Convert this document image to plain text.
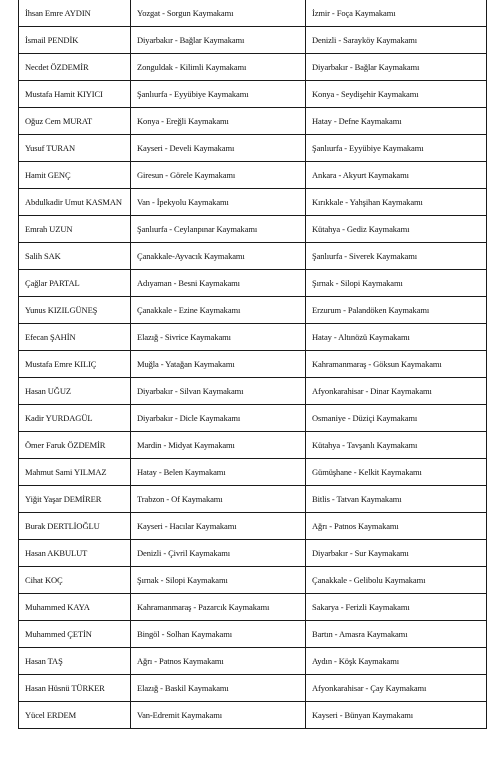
İhsan Emre AYDIN	Yozgat - Sorgun Kaymakamı	İzmir - Foça Kaymakamı
İsmail PENDİK	Diyarbakır - Bağlar Kaymakamı	Denizli - Sarayköy Kaymakamı
Necdet ÖZDEMİR	Zonguldak - Kilimli Kaymakamı	Diyarbakır - Bağlar Kaymakamı
Mustafa Hamit KIYICI	Şanlıurfa - Eyyübiye Kaymakamı	Konya - Seydişehir Kaymakamı
Oğuz Cem MURAT	Konya - Ereğli Kaymakamı	Hatay - Defne Kaymakamı
Yusuf TURAN	Kayseri - Develi Kaymakamı	Şanlıurfa - Eyyübiye Kaymakamı
Hamit GENÇ	Giresun - Görele Kaymakamı	Ankara - Akyurt Kaymakamı
Abdulkadir Umut KASMAN	Van - İpekyolu Kaymakamı	Kırıkkale - Yahşihan Kaymakamı
Emrah UZUN	Şanlıurfa - Ceylanpınar Kaymakamı	Kütahya - Gediz Kaymakamı
Salih SAK	Çanakkale-Ayvacık Kaymakamı	Şanlıurfa - Siverek Kaymakamı
Çağlar PARTAL	Adıyaman - Besni Kaymakamı	Şırnak - Silopi Kaymakamı
Yunus KIZILGÜNEŞ	Çanakkale - Ezine Kaymakamı	Erzurum - Palandöken Kaymakamı
Efecan ŞAHİN	Elazığ - Sivrice Kaymakamı	Hatay - Altınözü Kaymakamı
Mustafa Emre KILIÇ	Muğla - Yatağan Kaymakamı	Kahramanmaraş - Göksun Kaymakamı
Hasan UĞUZ	Diyarbakır - Silvan Kaymakamı	Afyonkarahisar - Dinar Kaymakamı
Kadir YURDAGÜL	Diyarbakır - Dicle Kaymakamı	Osmaniye - Düziçi Kaymakamı
Ömer Faruk ÖZDEMİR	Mardin - Midyat Kaymakamı	Kütahya - Tavşanlı Kaymakamı
Mahmut Sami YILMAZ	Hatay - Belen Kaymakamı	Gümüşhane - Kelkit Kaymakamı
Yiğit Yaşar DEMİRER	Trabzon - Of Kaymakamı	Bitlis - Tatvan Kaymakamı
Burak DERTLİOĞLU	Kayseri - Hacılar Kaymakamı	Ağrı - Patnos Kaymakamı
Hasan AKBULUT	Denizli - Çivril Kaymakamı	Diyarbakır - Sur Kaymakamı
Cihat KOÇ	Şırnak - Silopi Kaymakamı	Çanakkale - Gelibolu Kaymakamı
Muhammed KAYA	Kahramanmaraş - Pazarcık Kaymakamı	Sakarya - Ferizli Kaymakamı
Muhammed ÇETİN	Bingöl - Solhan Kaymakamı	Bartın - Amasra Kaymakamı
Hasan TAŞ	Ağrı - Patnos Kaymakamı	Aydın - Köşk Kaymakamı
Hasan Hüsnü TÜRKER	Elazığ - Baskil Kaymakamı	Afyonkarahisar - Çay Kaymakamı
Yücel ERDEM	Van-Edremit Kaymakamı	Kayseri - Bünyan Kaymakamı
